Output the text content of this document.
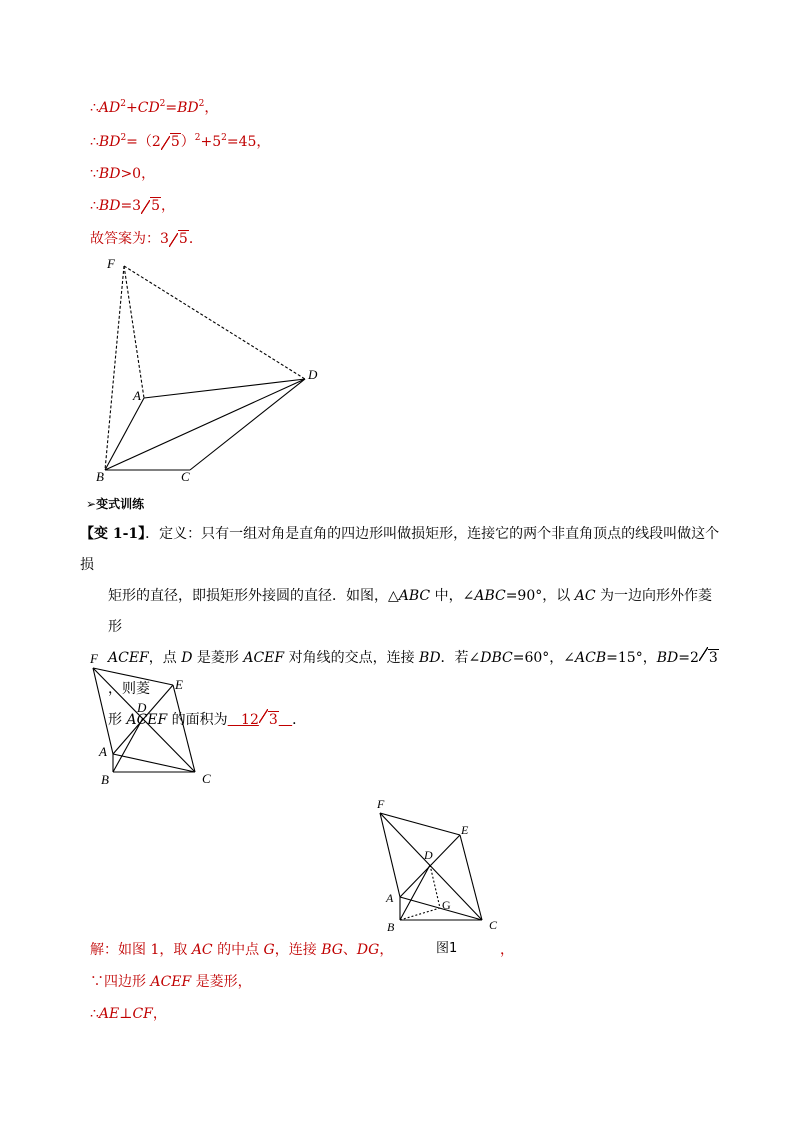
$\therefore AD^2+CD^2=BD^2$，
$\therefore BD^2=(2$ $5)^2+5^2=45$，
∵BD>0，
∴BD=3 5，
故答案为：3 5．
F
A
D
B	C
➢变式训练
【变 1-1】．定义：只有一组对角是直角的四边形叫做损矩形，连接它的两个非直角顶点的线段叫做这个损
矩形的直径，即损矩形外接圆的直径．如图，△ABC 中，∠ABC=90°，以 AC 为一边向形外作菱形
ACEF，点 D 是菱形 ACEF 对角线的交点，连接 BD．若∠DBC=60°，∠ACB=15°，BD=2 3，则菱
形 ACEF 的面积为 12 3 ．
F
E
D
A
B	C
F
E
D
A	G
B	C
解：如图 1，取 AC 的中点 G，连接 BG、DG，	图1	，
∵四边形 ACEF 是菱形，
∴AE⊥CF，
